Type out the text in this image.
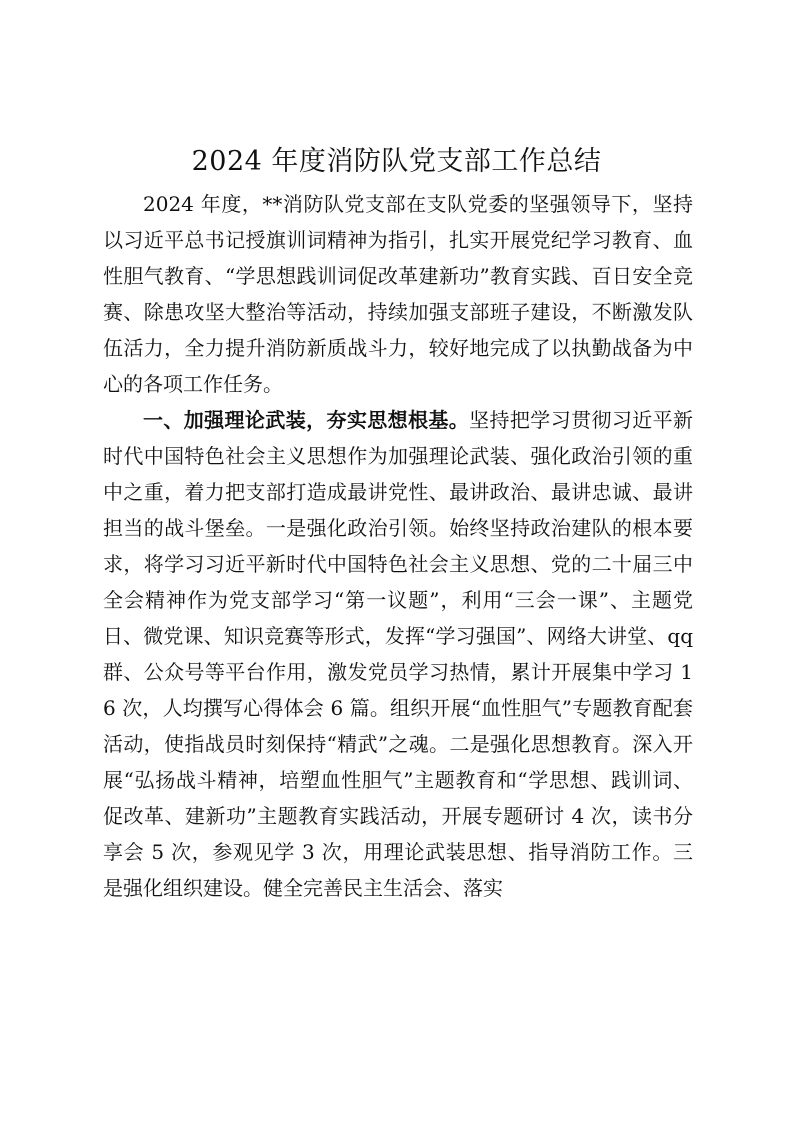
2024 年度消防队党支部工作总结

2024 年度，**消防队党支部在支队党委的坚强领导下，坚持以习近平总书记授旗训词精神为指引，扎实开展党纪学习教育、血性胆气教育、“学思想践训词促改革建新功”教育实践、百日安全竞赛、除患攻坚大整治等活动，持续加强支部班子建设，不断激发队伍活力，全力提升消防新质战斗力，较好地完成了以执勤战备为中心的各项工作任务。

一、加强理论武装，夯实思想根基。坚持把学习贯彻习近平新时代中国特色社会主义思想作为加强理论武装、强化政治引领的重中之重，着力把支部打造成最讲党性、最讲政治、最讲忠诚、最讲担当的战斗堡垒。一是强化政治引领。始终坚持政治建队的根本要求，将学习习近平新时代中国特色社会主义思想、党的二十届三中全会精神作为党支部学习“第一议题”，利用“三会一课”、主题党日、微党课、知识竞赛等形式，发挥“学习强国”、网络大讲堂、qq 群、公众号等平台作用，激发党员学习热情，累计开展集中学习 16 次，人均撰写心得体会 6 篇。组织开展“血性胆气”专题教育配套活动，使指战员时刻保持“精武”之魂。二是强化思想教育。深入开展“弘扬战斗精神，培塑血性胆气”主题教育和“学思想、践训词、促改革、建新功”主题教育实践活动，开展专题研讨 4 次，读书分享会 5 次，参观见学 3 次，用理论武装思想、指导消防工作。三是强化组织建设。健全完善民主生活会、落实
